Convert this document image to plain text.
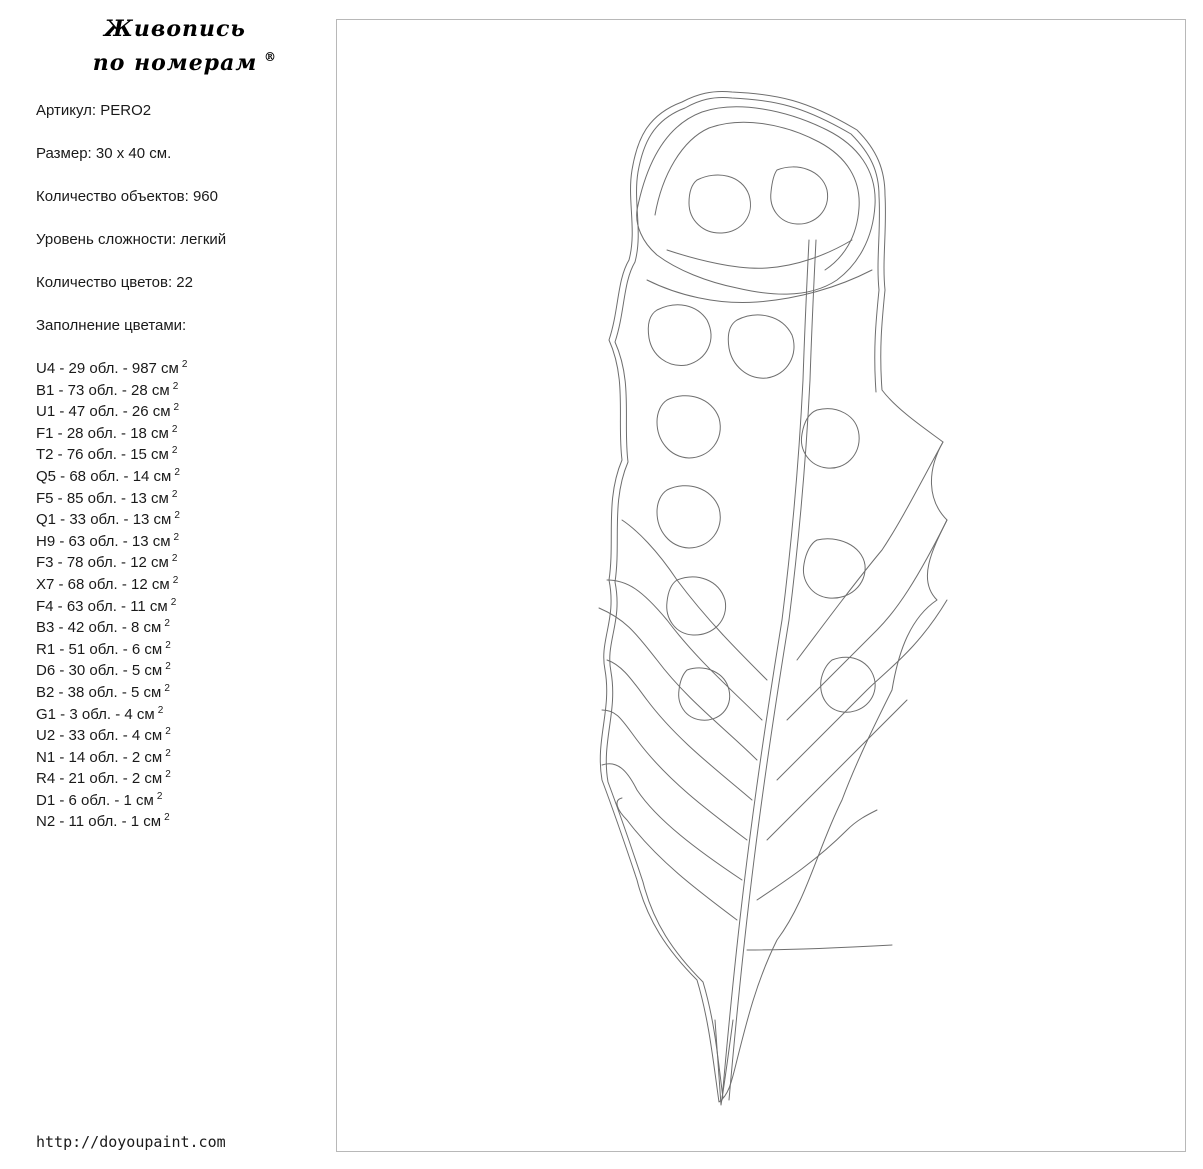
Живопись
по номерам ®
Артикул: PERO2
Размер: 30 х 40 см.
Количество объектов: 960
Уровень сложности: легкий
Количество цветов: 22
Заполнение цветами:
U4 - 29 обл. - 987 см $^2$
B1 - 73 обл. - 28 см $^2$
U1 - 47 обл. - 26 см $^2$
F1 - 28 обл. - 18 см $^2$
T2 - 76 обл. - 15 см $^2$
Q5 - 68 обл. - 14 см $^2$
F5 - 85 обл. - 13 см $^2$
Q1 - 33 обл. - 13 см $^2$
H9 - 63 обл. - 13 см $^2$
F3 - 78 обл. - 12 см $^2$
X7 - 68 обл. - 12 см $^2$
F4 - 63 обл. - 11 см $^2$
B3 - 42 обл. - 8 см $^2$
R1 - 51 обл. - 6 см $^2$
D6 - 30 обл. - 5 см $^2$
B2 - 38 обл. - 5 см $^2$
G1 - 3 обл. - 4 см $^2$
U2 - 33 обл. - 4 см $^2$
N1 - 14 обл. - 2 см $^2$
R4 - 21 обл. - 2 см $^2$
D1 - 6 обл. - 1 см $^2$
N2 - 11 обл. - 1 см $^2$
http://doyoupaint.com
